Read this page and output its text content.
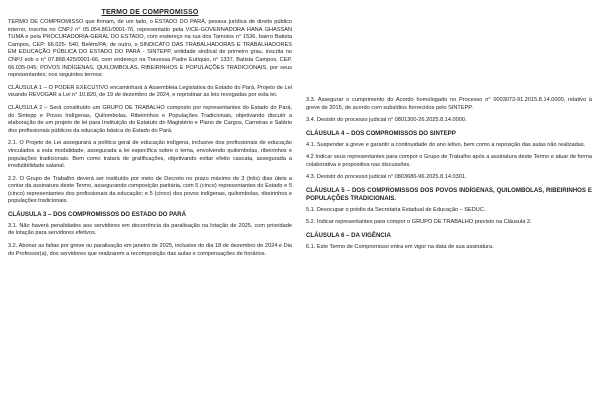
TERMO DE COMPROMISSO

TERMO DE COMPROMISSO que firmam, de um lado, o ESTADO DO PARÁ, pessoa jurídica de direito público interno, inscrita no CNPJ n° 05.054.861/0001-76, representado pela VICE-GOVERNADORA HANA GHASSAN TUMA e pela PROCURADORIA-GERAL DO ESTADO, com endereço na rua dos Tamoios n° 1536, bairro Batista Campos, CEP: 66.025- 540, Belém/PA; de outro, o SINDICATO DAS TRABALHADORAS E TRABALHADORES EM EDUCAÇÃO PÚBLICA DO ESTADO DO PARÁ - SINTEPP, entidade sindical de primeiro grau, inscrita no CNPJ sob o n° 07.868.425/0001-66, com endereço na Travessa Padre Eutíquio, n° 1337, Batista Campos, CEP. 66.035-045; POVOS INDÍGENAS, QUILOMBOLAS, RIBEIRINHOS E POPULAÇÕES TRADICIONAIS, por seus representantes; nos seguintes termos:

CLÁUSULA 1 – O PODER EXECUTIVO encaminhará à Assembleia Legislativa do Estado do Pará, Projeto de Lei visando REVOGAR a Lei n° 10.820, de 19 de dezembro de 2024, e repristinar as leis revogadas por esta lei.

CLÁUSULA 2 – Será constituído um GRUPO DE TRABALHO composto por representantes do Estado do Pará, do Sintepp e Povos Indígenas, Quilombolas, Ribeirinhos e Populações Tradicionais, objetivando discutir a elaboração de um projeto de lei para Instituição do Estatuto do Magistério e Plano de Cargos, Carreiras e Salário dos profissionais públicos da educação básica do Estado do Pará.

2.1. O Projeto de Lei assegurará a política geral de educação indígena, inclusive dos profissionais de educação vinculados a esta modalidade, assegurada a lei específica sobre o tema, envolvendo quilombolas, ribeirinhos e populações tradicionais. Bem como tratará de gratificações, objetivando evitar efeito cascata, assegurada a irredutibilidade salarial.

2.2. O Grupo de Trabalho deverá ser instituído por meio de Decreto no prazo máximo de 3 (três) dias úteis a contar da assinatura deste Termo, assegurando composição paritária, com 5 (cinco) representantes do Estado e 5 (cinco) representantes dos profissionais da educação; e 5 (cinco) dos povos indígenas, quilombolas, ribeirinhos e populações tradicionais.

CLÁUSULA 3 – DOS COMPROMISSOS DO ESTADO DO PARÁ

3.1. Não haverá penalidades aos servidores em decorrência da paralisação na lotação de 2025, com prioridade de lotação para servidores efetivos.

3.2. Abonar as faltas por greve ou paralisação em janeiro de 2025, inclusive do dia 18 de dezembro de 2024 e Dia do Professor(a), dos servidores que realizarem a recomposição das aulas e compensações de horários.

3.3. Assegurar o cumprimento do Acordo homologado no Processo n° 0003073-91.2015.8.14.0000, relativo à greve de 2015, de acordo com subsídios fornecidos pelo SINTEPP.

3.4. Desistir do processo judicial n° 0801300-26.2025.8.14.0000.

CLÁUSULA 4 – DOS COMPROMISSOS DO SINTEPP

4.1. Suspender a greve e garantir a continuidade do ano letivo, bem como a reposição das aulas não realizadas.

4.2 Indicar seus representantes para compor o Grupo de Trabalho após a assinatura deste Termo e atuar de forma colaborativa e propositiva nas discussões.

4.3. Desistir do processo judicial n° 0803686-96.2025.8.14.0301.

CLÁUSULA 5 – DOS COMPROMISSOS DOS POVOS INDÍGENAS, QUILOMBOLAS, RIBEIRINHOS E POPULAÇÕES TRADICIONAIS.

5.1. Desocupar o prédio da Secretaria Estadual de Educação – SEDUC.

5.2. Indicar representantes para compor o GRUPO DE TRABALHO previsto na Cláusula 2.

CLÁUSULA 6 – DA VIGÊNCIA

6.1. Este Termo de Compromisso entra em vigor na data de sua assinatura.
